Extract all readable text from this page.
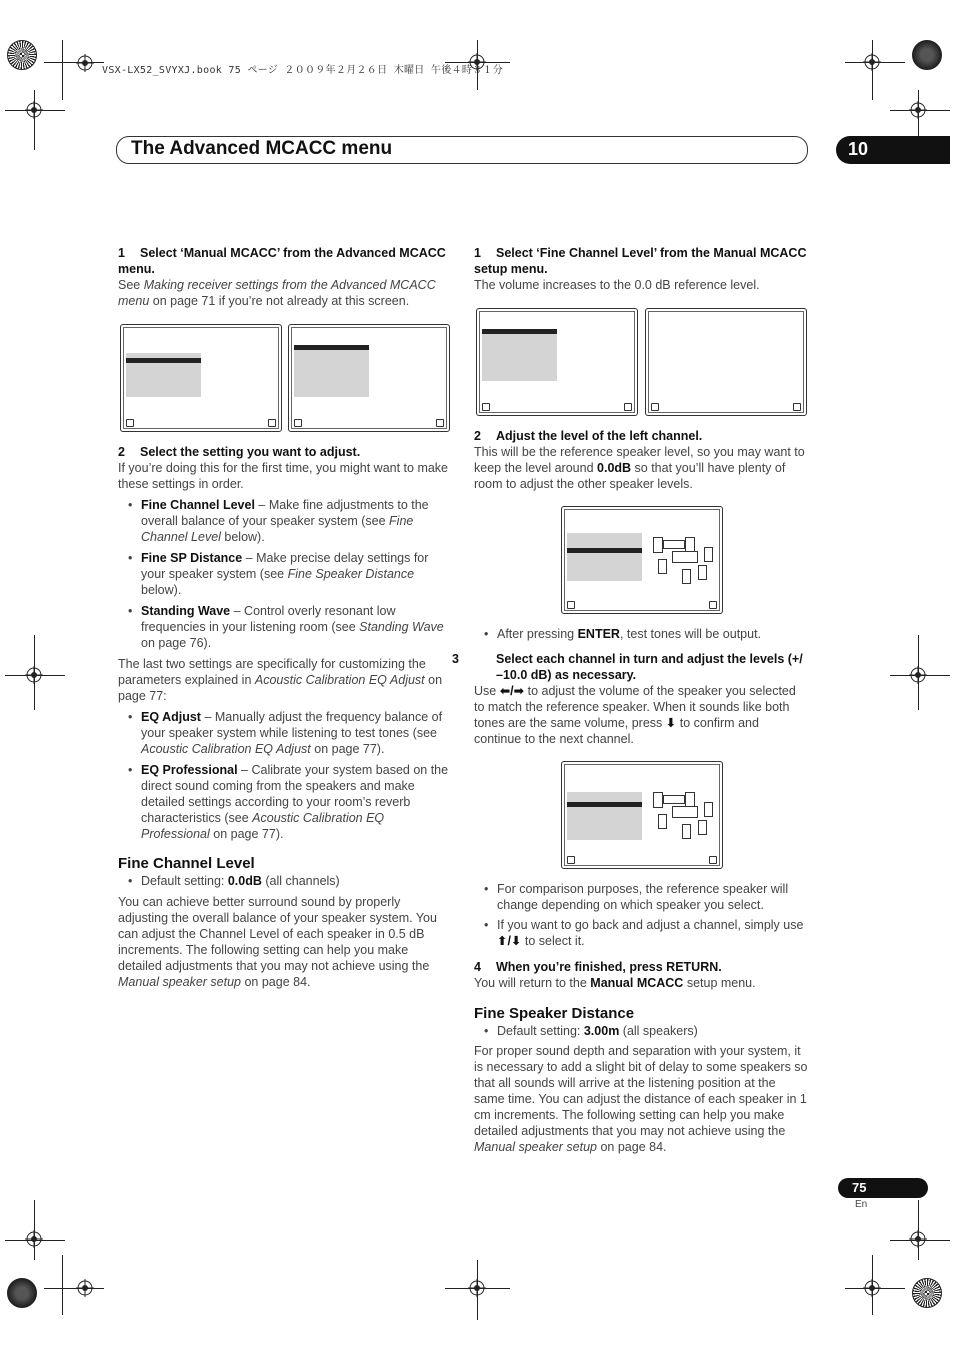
VSX-LX52_SVYXJ.book 75 ページ ２００９年２月２６日 木曜日 午後４時３１分
The Advanced MCACC menu	10
1 Select ‘Manual MCACC’ from the Advanced MCACC menu.
See Making receiver settings from the Advanced MCACC menu on page 71 if you’re not already at this screen.
2 Select the setting you want to adjust.
If you’re doing this for the first time, you might want to make these settings in order.
• Fine Channel Level – Make fine adjustments to the overall balance of your speaker system (see Fine Channel Level below).
• Fine SP Distance – Make precise delay settings for your speaker system (see Fine Speaker Distance below).
• Standing Wave – Control overly resonant low frequencies in your listening room (see Standing Wave on page 76).
The last two settings are specifically for customizing the parameters explained in Acoustic Calibration EQ Adjust on page 77:
• EQ Adjust – Manually adjust the frequency balance of your speaker system while listening to test tones (see Acoustic Calibration EQ Adjust on page 77).
• EQ Professional – Calibrate your system based on the direct sound coming from the speakers and make detailed settings according to your room’s reverb characteristics (see Acoustic Calibration EQ Professional on page 77).
Fine Channel Level
• Default setting: 0.0dB (all channels)
You can achieve better surround sound by properly adjusting the overall balance of your speaker system. You can adjust the Channel Level of each speaker in 0.5 dB increments. The following setting can help you make detailed adjustments that you may not achieve using the Manual speaker setup on page 84.
1 Select ‘Fine Channel Level’ from the Manual MCACC setup menu.
The volume increases to the 0.0 dB reference level.
2 Adjust the level of the left channel.
This will be the reference speaker level, so you may want to keep the level around 0.0dB so that you’ll have plenty of room to adjust the other speaker levels.
• After pressing ENTER, test tones will be output.
3	Select each channel in turn and adjust the levels (+/ –10.0 dB) as necessary.
Use ⬅/➡ to adjust the volume of the speaker you selected to match the reference speaker. When it sounds like both tones are the same volume, press ⬇ to confirm and continue to the next channel.
• For comparison purposes, the reference speaker will change depending on which speaker you select.
• If you want to go back and adjust a channel, simply use ⬆/⬇ to select it.
4 When you’re finished, press RETURN.
You will return to the Manual MCACC setup menu.
Fine Speaker Distance
• Default setting: 3.00m (all speakers)
For proper sound depth and separation with your system, it is necessary to add a slight bit of delay to some speakers so that all sounds will arrive at the listening position at the same time. You can adjust the distance of each speaker in 1 cm increments. The following setting can help you make detailed adjustments that you may not achieve using the Manual speaker setup on page 84.
75
En
